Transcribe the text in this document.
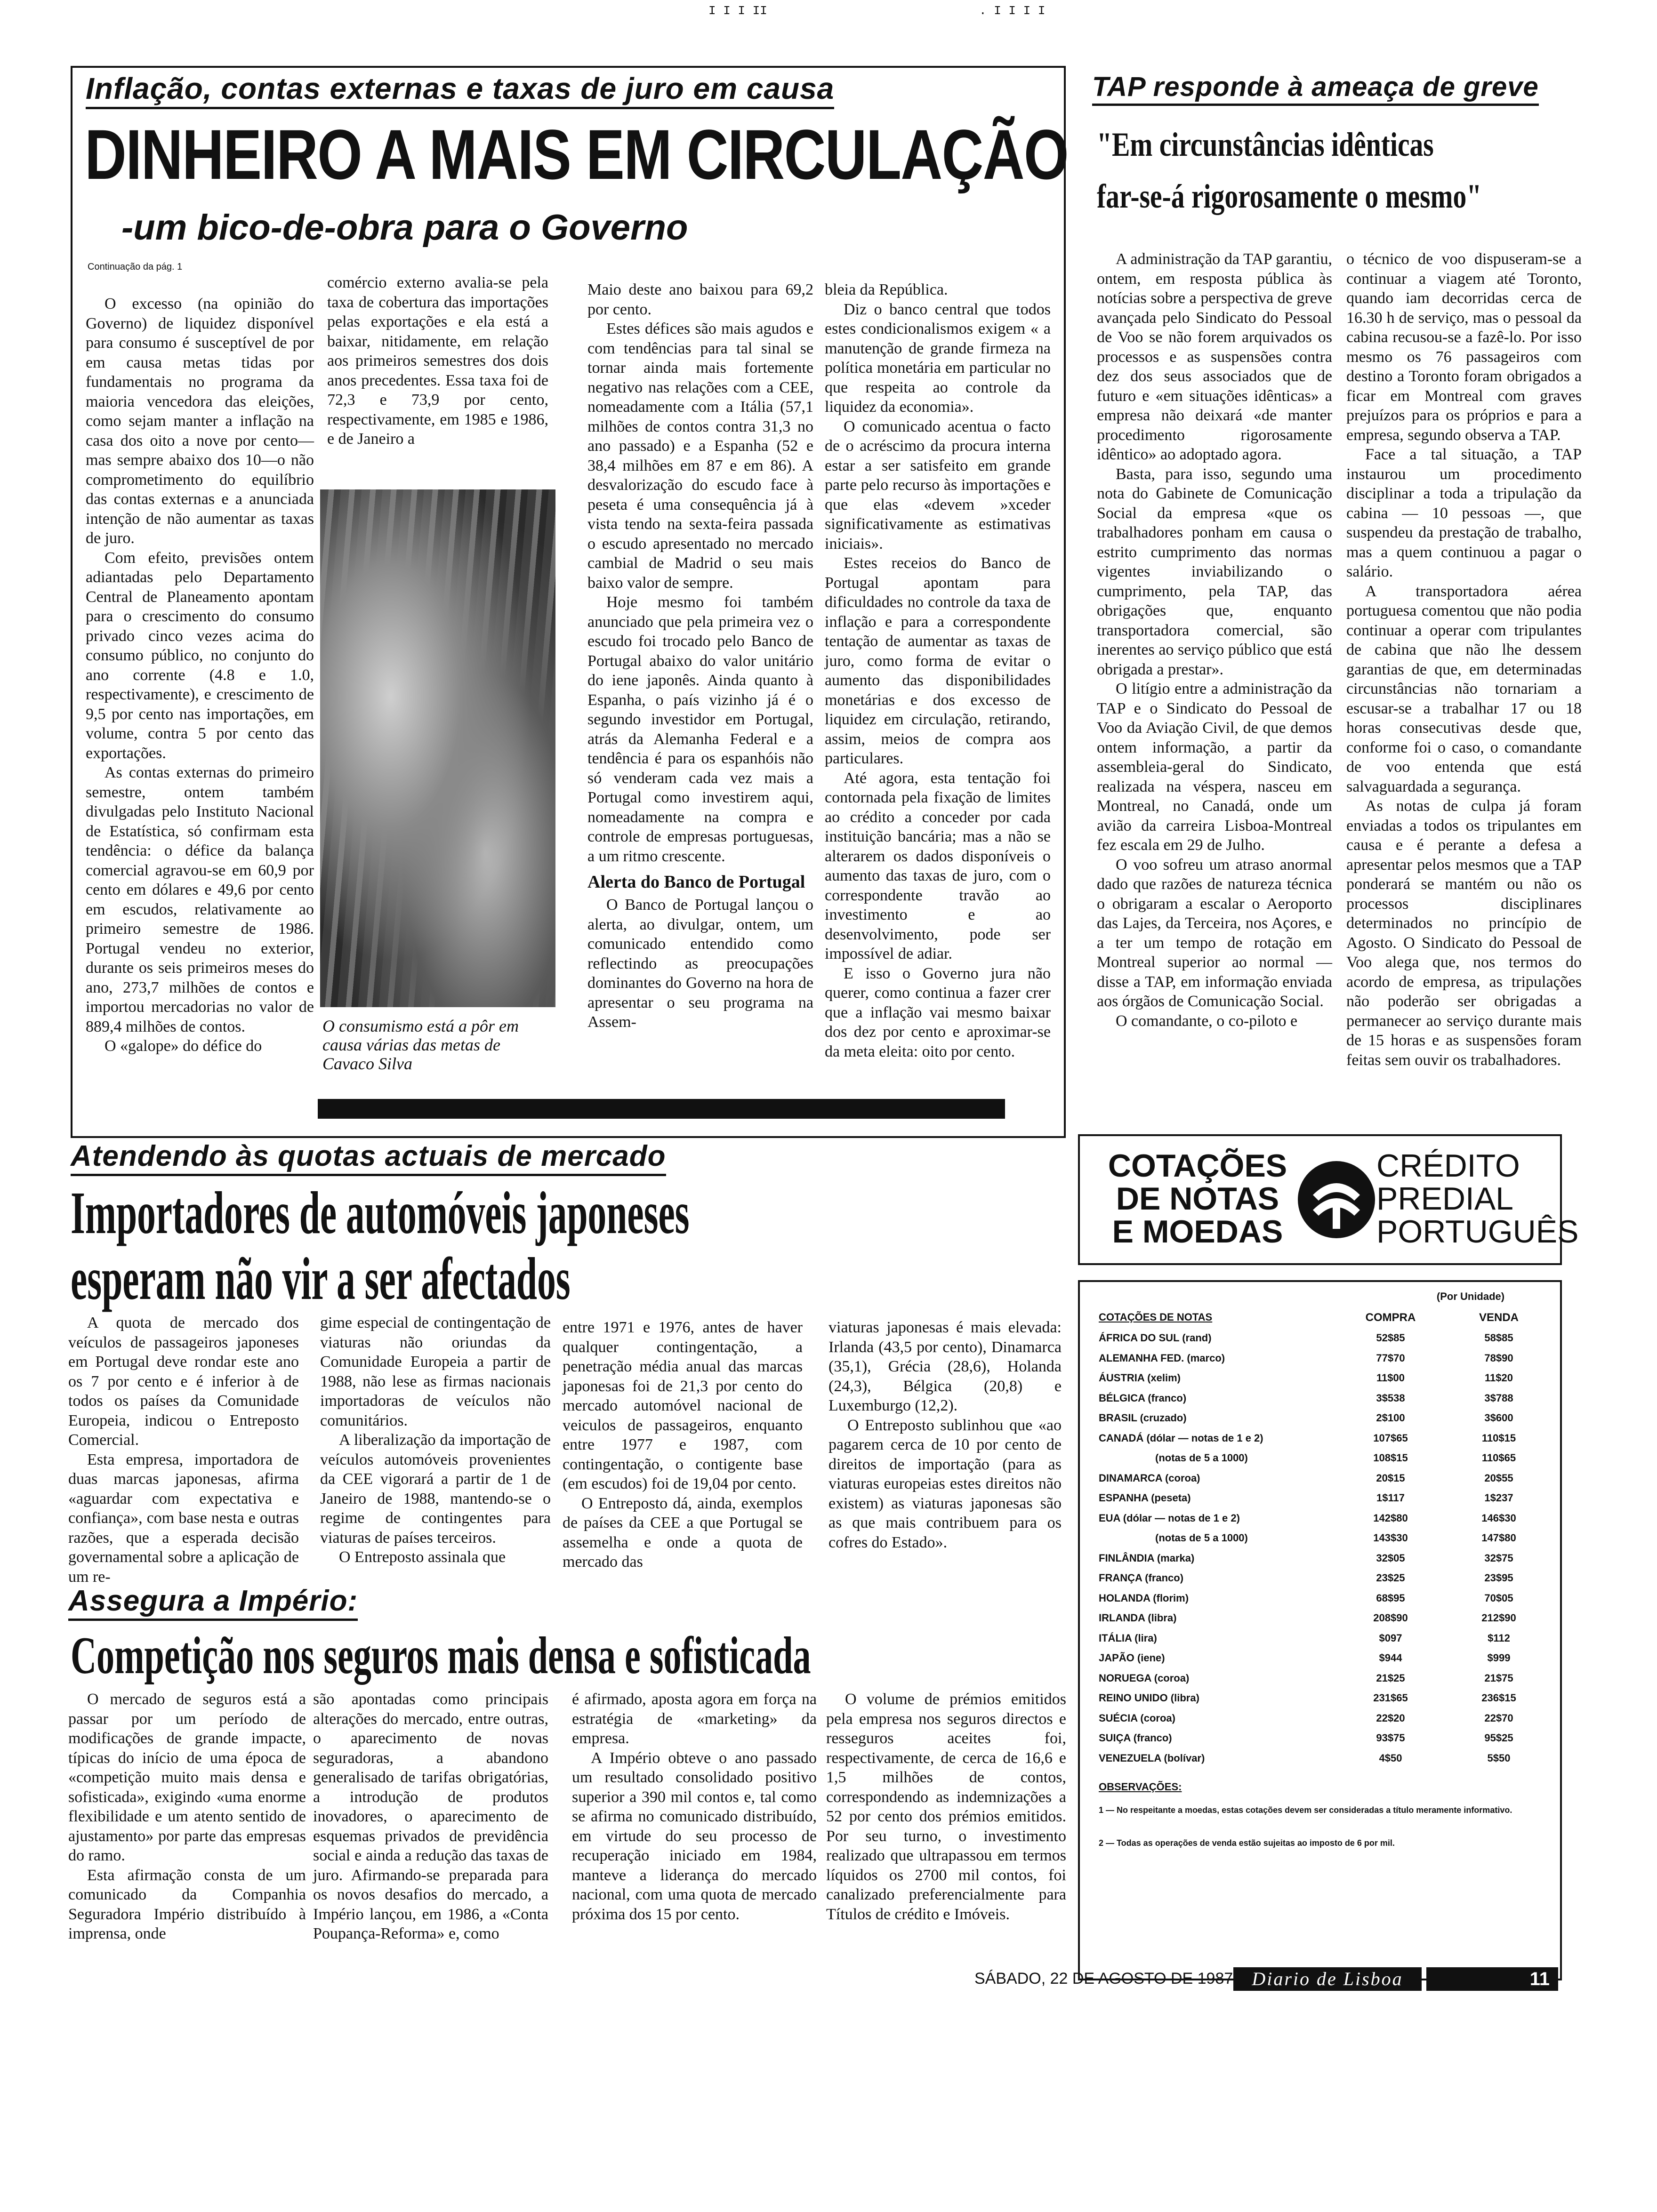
I I I II	. I I I I
Inflação, contas externas e taxas de juro em causa
DINHEIRO A MAIS EM CIRCULAÇÃO
-um bico-de-obra para o Governo
Continuação da pág. 1

O excesso (na opinião do Governo) de liquidez disponível para consumo é susceptível de por em causa metas tidas por fundamentais no programa da maioria vencedora das eleições, como sejam manter a inflação na casa dos oito a nove por cento—mas sempre abaixo dos 10—o não comprometimento do equilíbrio das contas externas e a anunciada intenção de não aumentar as taxas de juro.

Com efeito, previsões ontem adiantadas pelo Departamento Central de Planeamento apontam para o crescimento do consumo privado cinco vezes acima do consumo público, no conjunto do ano corrente (4.8 e 1.0, respectivamente), e crescimento de 9,5 por cento nas importações, em volume, contra 5 por cento das exportações.

As contas externas do primeiro semestre, ontem também divulgadas pelo Instituto Nacional de Estatística, só confirmam esta tendência: o défice da balança comercial agravou-se em 60,9 por cento em dólares e 49,6 por cento em escudos, relativamente ao primeiro semestre de 1986. Portugal vendeu no exterior, durante os seis primeiros meses do ano, 273,7 milhões de contos e importou mercadorias no valor de 889,4 milhões de contos.

O «galope» do défice do

comércio externo avalia-se pela taxa de cobertura das importações pelas exportações e ela está a baixar, nitidamente, em relação aos primeiros semestres dos dois anos precedentes. Essa taxa foi de 72,3 e 73,9 por cento, respectivamente, em 1985 e 1986, e de Janeiro a

O consumismo está a pôr em causa várias das metas de Cavaco Silva

Maio deste ano baixou para 69,2 por cento.

Estes défices são mais agudos e com tendências para tal sinal se tornar ainda mais fortemente negativo nas relações com a CEE, nomeadamente com a Itália (57,1 milhões de contos contra 31,3 no ano passado) e a Espanha (52 e 38,4 milhões em 87 e em 86). A desvalorização do escudo face à peseta é uma consequência já à vista tendo na sexta-feira passada o escudo apresentado no mercado cambial de Madrid o seu mais baixo valor de sempre.

Hoje mesmo foi também anunciado que pela primeira vez o escudo foi trocado pelo Banco de Portugal abaixo do valor unitário do iene japonês. Ainda quanto à Espanha, o país vizinho já é o segundo investidor em Portugal, atrás da Alemanha Federal e a tendência é para os espanhóis não só venderam cada vez mais a Portugal como investirem aqui, nomeadamente na compra e controle de empresas portuguesas, a um ritmo crescente.

Alerta do Banco de Portugal

O Banco de Portugal lançou o alerta, ao divulgar, ontem, um comunicado entendido como reflectindo as preocupações dominantes do Governo na hora de apresentar o seu programa na Assem-

bleia da República.

Diz o banco central que todos estes condicionalismos exigem « a manutenção de grande firmeza na política monetária em particular no que respeita ao controle da liquidez da economia».

O comunicado acentua o facto de o acréscimo da procura interna estar a ser satisfeito em grande parte pelo recurso às importações e que elas «devem »xceder significativamente as estimativas iniciais».

Estes receios do Banco de Portugal apontam para dificuldades no controle da taxa de inflação e para a correspondente tentação de aumentar as taxas de juro, como forma de evitar o aumento das disponibilidades monetárias e dos excesso de liquidez em circulação, retirando, assim, meios de compra aos particulares.

Até agora, esta tentação foi contornada pela fixação de limites ao crédito a conceder por cada instituição bancária; mas a não se alterarem os dados disponíveis o aumento das taxas de juro, com o correspondente travão ao investimento e ao desenvolvimento, pode ser impossível de adiar.

E isso o Governo jura não querer, como continua a fazer crer que a inflação vai mesmo baixar dos dez por cento e aproximar-se da meta eleita: oito por cento.

TAP responde à ameaça de greve
"Em circunstâncias idênticas
far-se-á rigorosamente o mesmo"

A administração da TAP garantiu, ontem, em resposta pública às notícias sobre a perspectiva de greve avançada pelo Sindicato do Pessoal de Voo se não forem arquivados os processos e as suspensões contra dez dos seus associados que de futuro e «em situações idênticas» a empresa não deixará «de manter procedimento rigorosamente idêntico» ao adoptado agora.

Basta, para isso, segundo uma nota do Gabinete de Comunicação Social da empresa «que os trabalhadores ponham em causa o estrito cumprimento das normas vigentes inviabilizando o cumprimento, pela TAP, das obrigações que, enquanto transportadora comercial, são inerentes ao serviço público que está obrigada a prestar».

O litígio entre a administração da TAP e o Sindicato do Pessoal de Voo da Aviação Civil, de que demos ontem informação, a partir da assembleia-geral do Sindicato, realizada na véspera, nasceu em Montreal, no Canadá, onde um avião da carreira Lisboa-Montreal fez escala em 29 de Julho.

O voo sofreu um atraso anormal dado que razões de natureza técnica o obrigaram a escalar o Aeroporto das Lajes, da Terceira, nos Açores, e a ter um tempo de rotação em Montreal superior ao normal — disse a TAP, em informação enviada aos órgãos de Comunicação Social.

O comandante, o co-piloto e

o técnico de voo dispuseram-se a continuar a viagem até Toronto, quando iam decorridas cerca de 16.30 h de serviço, mas o pessoal da cabina recusou-se a fazê-lo. Por isso mesmo os 76 passageiros com destino a Toronto foram obrigados a ficar em Montreal com graves prejuízos para os próprios e para a empresa, segundo observa a TAP.

Face a tal situação, a TAP instaurou um procedimento disciplinar a toda a tripulação da cabina — 10 pessoas —, que suspendeu da prestação de trabalho, mas a quem continuou a pagar o salário.

A transportadora aérea portuguesa comentou que não podia continuar a operar com tripulantes de cabina que não lhe dessem garantias de que, em determinadas circunstâncias não tornariam a escusar-se a trabalhar 17 ou 18 horas consecutivas desde que, conforme foi o caso, o comandante de voo entenda que está salvaguardada a segurança.

As notas de culpa já foram enviadas a todos os tripulantes em causa e é perante a defesa a apresentar pelos mesmos que a TAP ponderará se mantém ou não os processos disciplinares determinados no princípio de Agosto. O Sindicato do Pessoal de Voo alega que, nos termos do acordo de empresa, as tripulações não poderão ser obrigadas a permanecer ao serviço durante mais de 15 horas e as suspensões foram feitas sem ouvir os trabalhadores.

Atendendo às quotas actuais de mercado
Importadores de automóveis japoneses
esperam não vir a ser afectados

A quota de mercado dos veículos de passageiros japoneses em Portugal deve rondar este ano os 7 por cento e é inferior à de todos os países da Comunidade Europeia, indicou o Entreposto Comercial.

Esta empresa, importadora de duas marcas japonesas, afirma «aguardar com expectativa e confiança», com base nesta e outras razões, que a esperada decisão governamental sobre a aplicação de um re-

gime especial de contingentação de viaturas não oriundas da Comunidade Europeia a partir de 1988, não lese as firmas nacionais importadoras de veículos não comunitários.

A liberalização da importação de veículos automóveis provenientes da CEE vigorará a partir de 1 de Janeiro de 1988, mantendo-se o regime de contingentes para viaturas de países terceiros.

O Entreposto assinala que

entre 1971 e 1976, antes de haver qualquer contingentação, a penetração média anual das marcas japonesas foi de 21,3 por cento do mercado automóvel nacional de veiculos de passageiros, enquanto entre 1977 e 1987, com contingentação, o contigente base (em escudos) foi de 19,04 por cento.

O Entreposto dá, ainda, exemplos de países da CEE a que Portugal se assemelha e onde a quota de mercado das

viaturas japonesas é mais elevada: Irlanda (43,5 por cento), Dinamarca (35,1), Grécia (28,6), Holanda (24,3), Bélgica (20,8) e Luxemburgo (12,2).

O Entreposto sublinhou que «ao pagarem cerca de 10 por cento de direitos de importação (para as viaturas europeias estes direitos não existem) as viaturas japonesas são as que mais contribuem para os cofres do Estado».

Assegura a Império:
Competição nos seguros mais densa e sofisticada

O mercado de seguros está a passar por um período de modificações de grande impacte, típicas do início de uma época de «competição muito mais densa e sofisticada», exigindo «uma enorme flexibilidade e um atento sentido de ajustamento» por parte das empresas do ramo.

Esta afirmação consta de um comunicado da Companhia Seguradora Império distribuído à imprensa, onde

são apontadas como principais alterações do mercado, entre outras, o aparecimento de novas seguradoras, a abandono generalisado de tarifas obrigatórias, a introdução de produtos inovadores, o aparecimento de esquemas privados de previdência social e ainda a redução das taxas de juro. Afirmando-se preparada para os novos desafios do mercado, a Império lançou, em 1986, a «Conta Poupança-Reforma» e, como

é afirmado, aposta agora em força na estratégia de «marketing» da empresa.

A Império obteve o ano passado um resultado consolidado positivo superior a 390 mil contos e, tal como se afirma no comunicado distribuído, em virtude do seu processo de recuperação iniciado em 1984, manteve a liderança do mercado nacional, com uma quota de mercado próxima dos 15 por cento.

O volume de prémios emitidos pela empresa nos seguros directos e resseguros aceites foi, respectivamente, de cerca de 16,6 e 1,5 milhões de contos, correspondendo as indemnizações a 52 por cento dos prémios emitidos. Por seu turno, o investimento realizado que ultrapassou em termos líquidos os 2700 mil contos, foi canalizado preferencialmente para Títulos de crédito e Imóveis.

COTAÇÕES
DE NOTAS
E MOEDAS
CRÉDITO
PREDIAL
PORTUGUÊS
(Por Unidade)
COTAÇÕES DE NOTAS	COMPRA	VENDA
ÁFRICA DO SUL (rand)	52$85	58$85
ALEMANHA FED. (marco)	77$70	78$90
ÁUSTRIA (xelim)	11$00	11$20
BÉLGICA (franco)	3$538	3$788
BRASIL (cruzado)	2$100	3$600
CANADÁ (dólar — notas de 1 e 2)	107$65	110$15
(notas de 5 a 1000)	108$15	110$65
DINAMARCA (coroa)	20$15	20$55
ESPANHA (peseta)	1$117	1$237
EUA (dólar — notas de 1 e 2)	142$80	146$30
(notas de 5 a 1000)	143$30	147$80
FINLÂNDIA (marka)	32$05	32$75
FRANÇA (franco)	23$25	23$95
HOLANDA (florim)	68$95	70$05
IRLANDA (libra)	208$90	212$90
ITÁLIA (lira)	$097	$112
JAPÃO (iene)	$944	$999
NORUEGA (coroa)	21$25	21$75
REINO UNIDO (libra)	231$65	236$15
SUÉCIA (coroa)	22$20	22$70
SUIÇA (franco)	93$75	95$25
VENEZUELA (bolívar)	4$50	5$50
OBSERVAÇÕES:
1 — No respeitante a moedas, estas cotações devem ser consideradas a título meramente informativo.
2 — Todas as operações de venda estão sujeitas ao imposto de 6 por mil.
SÁBADO, 22 DE AGOSTO DE 1987	Diario de Lisboa	11
